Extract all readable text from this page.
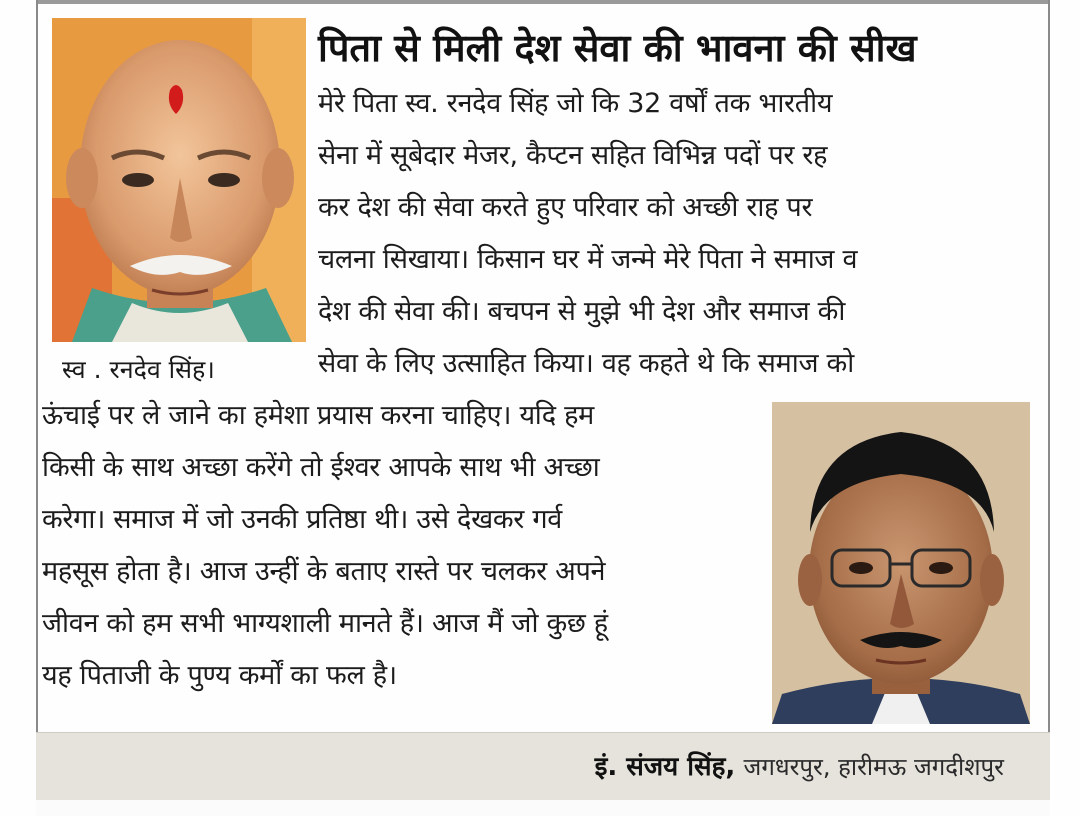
स्व . रनदेव सिंह।
पिता से मिली देश सेवा की भावना की सीख
मेरे पिता स्व. रनदेव सिंह जो कि 32 वर्षों तक भारतीय
सेना में सूबेदार मेजर, कैप्टन सहित विभिन्न पदों पर रह
कर देश की सेवा करते हुए परिवार को अच्छी राह पर
चलना सिखाया। किसान घर में जन्मे मेरे पिता ने समाज व
देश की सेवा की। बचपन से मुझे भी देश और समाज की
सेवा के लिए उत्साहित किया। वह कहते थे कि समाज को
ऊंचाई पर ले जाने का हमेशा प्रयास करना चाहिए। यदि हम
किसी के साथ अच्छा करेंगे तो ईश्वर आपके साथ भी अच्छा
करेगा। समाज में जो उनकी प्रतिष्ठा थी। उसे देखकर गर्व
महसूस होता है। आज उन्हीं के बताए रास्ते पर चलकर अपने
जीवन को हम सभी भाग्यशाली मानते हैं। आज मैं जो कुछ हूं
यह पिताजी के पुण्य कर्मों का फल है।
इं. संजय सिंह, जगधरपुर, हारीमऊ जगदीशपुर
